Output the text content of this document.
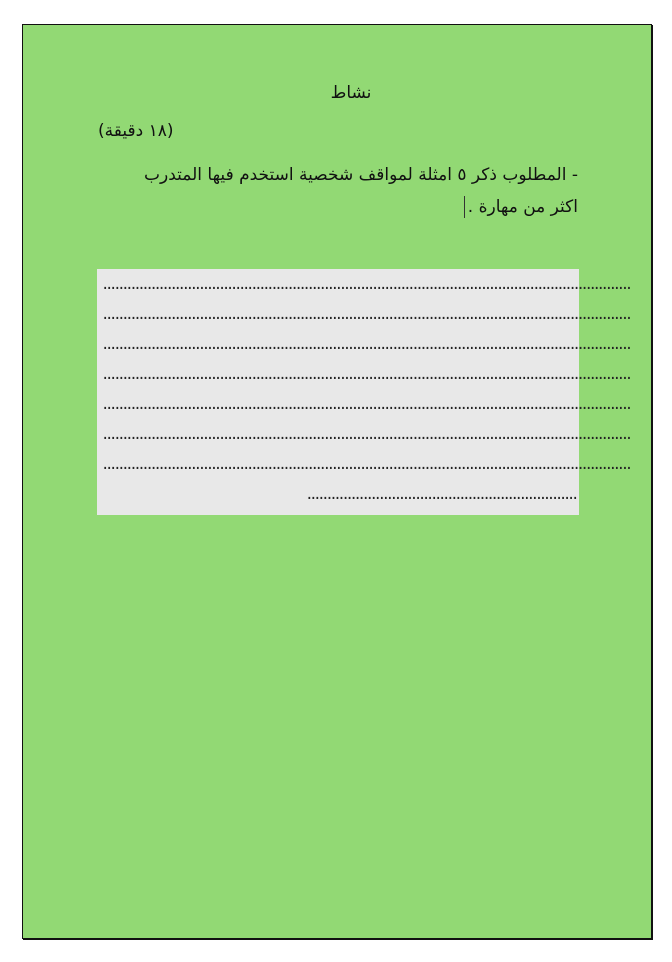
نشاط
(١٨ دقيقة)
- المطلوب ذكر ٥ امثلة لمواقف شخصية استخدم فيها المتدرب
اكثر من مهارة .
...................................................................................................................................
...................................................................................................................................
...................................................................................................................................
...................................................................................................................................
...................................................................................................................................
...................................................................................................................................
...................................................................................................................................
...................................................................
